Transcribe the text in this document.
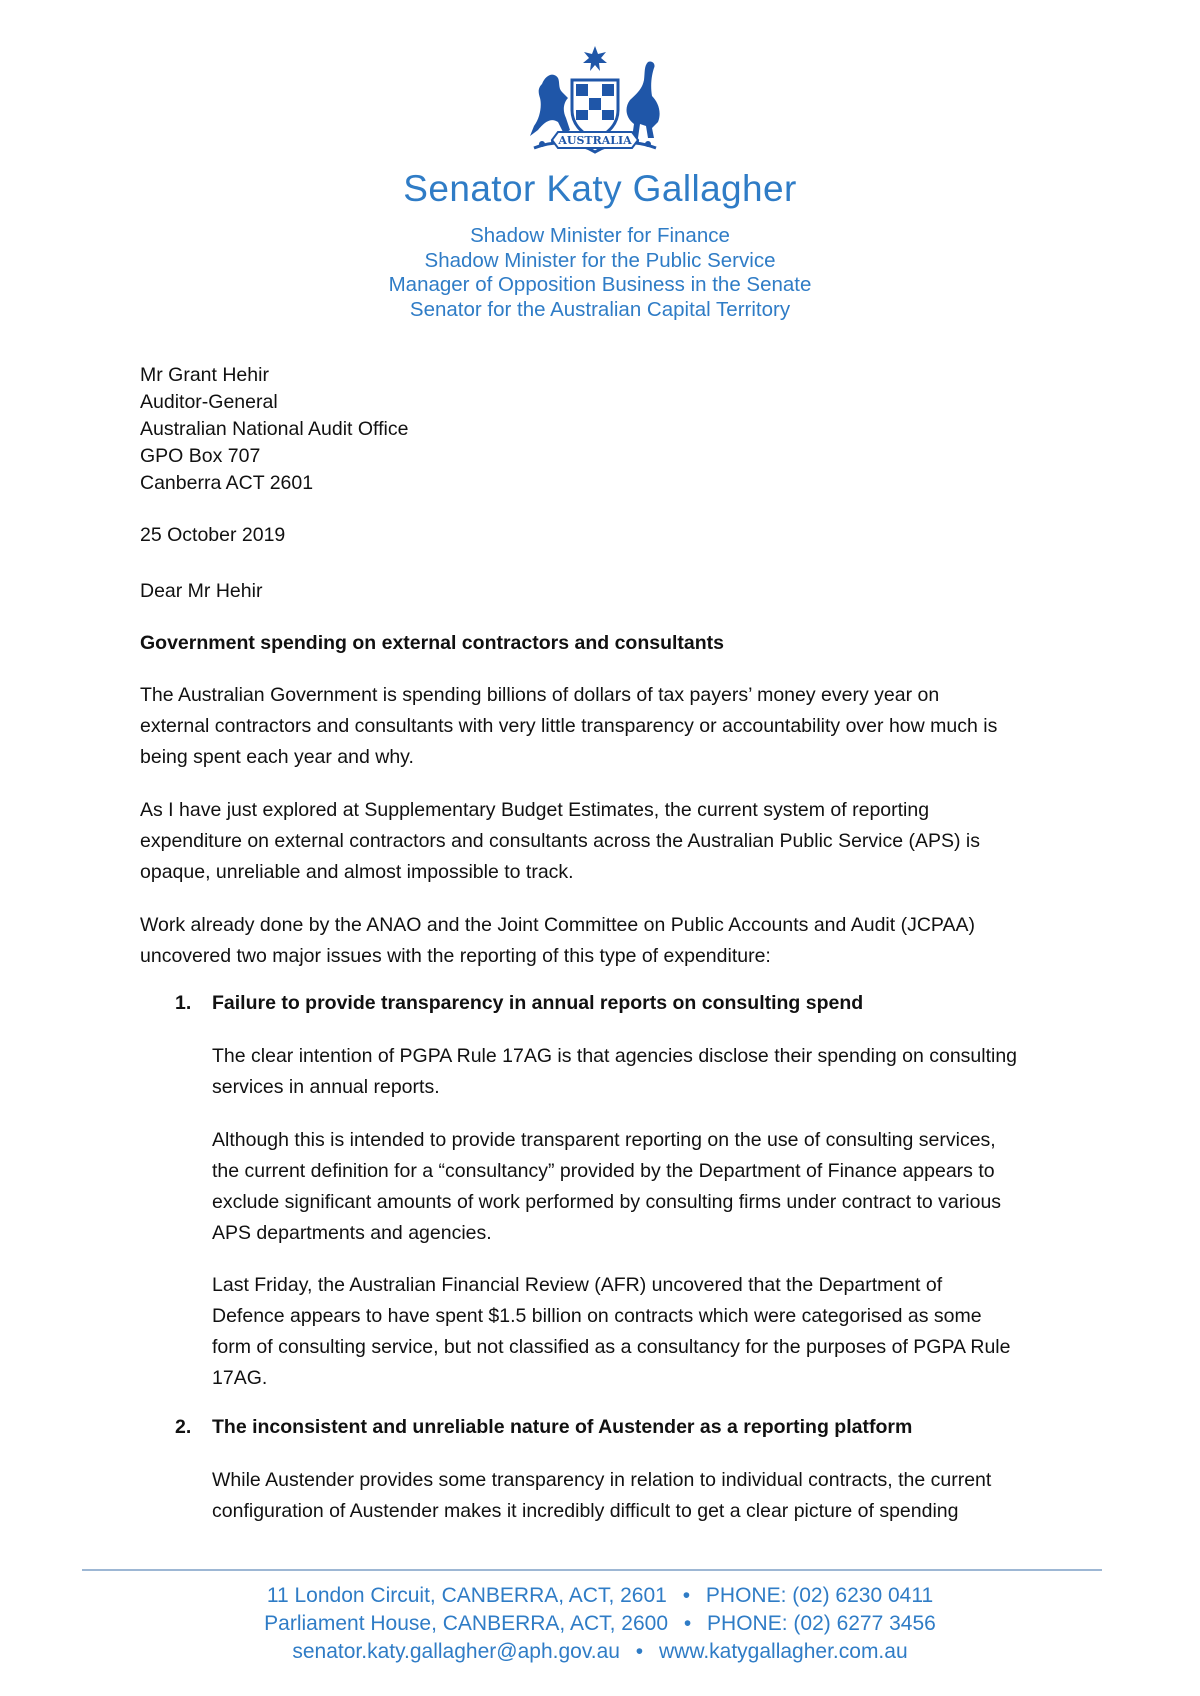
AUSTRALIA
Senator Katy Gallagher
Shadow Minister for Finance
Shadow Minister for the Public Service
Manager of Opposition Business in the Senate
Senator for the Australian Capital Territory
Mr Grant Hehir
Auditor-General
Australian National Audit Office
GPO Box 707
Canberra ACT 2601
25 October 2019
Dear Mr Hehir
Government spending on external contractors and consultants
The Australian Government is spending billions of dollars of tax payers’ money every year on
external contractors and consultants with very little transparency or accountability over how much is
being spent each year and why.
As I have just explored at Supplementary Budget Estimates, the current system of reporting
expenditure on external contractors and consultants across the Australian Public Service (APS) is
opaque, unreliable and almost impossible to track.
Work already done by the ANAO and the Joint Committee on Public Accounts and Audit (JCPAA)
uncovered two major issues with the reporting of this type of expenditure:
1. Failure to provide transparency in annual reports on consulting spend
The clear intention of PGPA Rule 17AG is that agencies disclose their spending on consulting
services in annual reports.
Although this is intended to provide transparent reporting on the use of consulting services,
the current definition for a “consultancy” provided by the Department of Finance appears to
exclude significant amounts of work performed by consulting firms under contract to various
APS departments and agencies.
Last Friday, the Australian Financial Review (AFR) uncovered that the Department of
Defence appears to have spent $1.5 billion on contracts which were categorised as some
form of consulting service, but not classified as a consultancy for the purposes of PGPA Rule
17AG.
2. The inconsistent and unreliable nature of Austender as a reporting platform
While Austender provides some transparency in relation to individual contracts, the current
configuration of Austender makes it incredibly difficult to get a clear picture of spending
11 London Circuit, CANBERRA, ACT, 2601 • PHONE: (02) 6230 0411
Parliament House, CANBERRA, ACT, 2600 • PHONE: (02) 6277 3456
senator.katy.gallagher@aph.gov.au • www.katygallagher.com.au
